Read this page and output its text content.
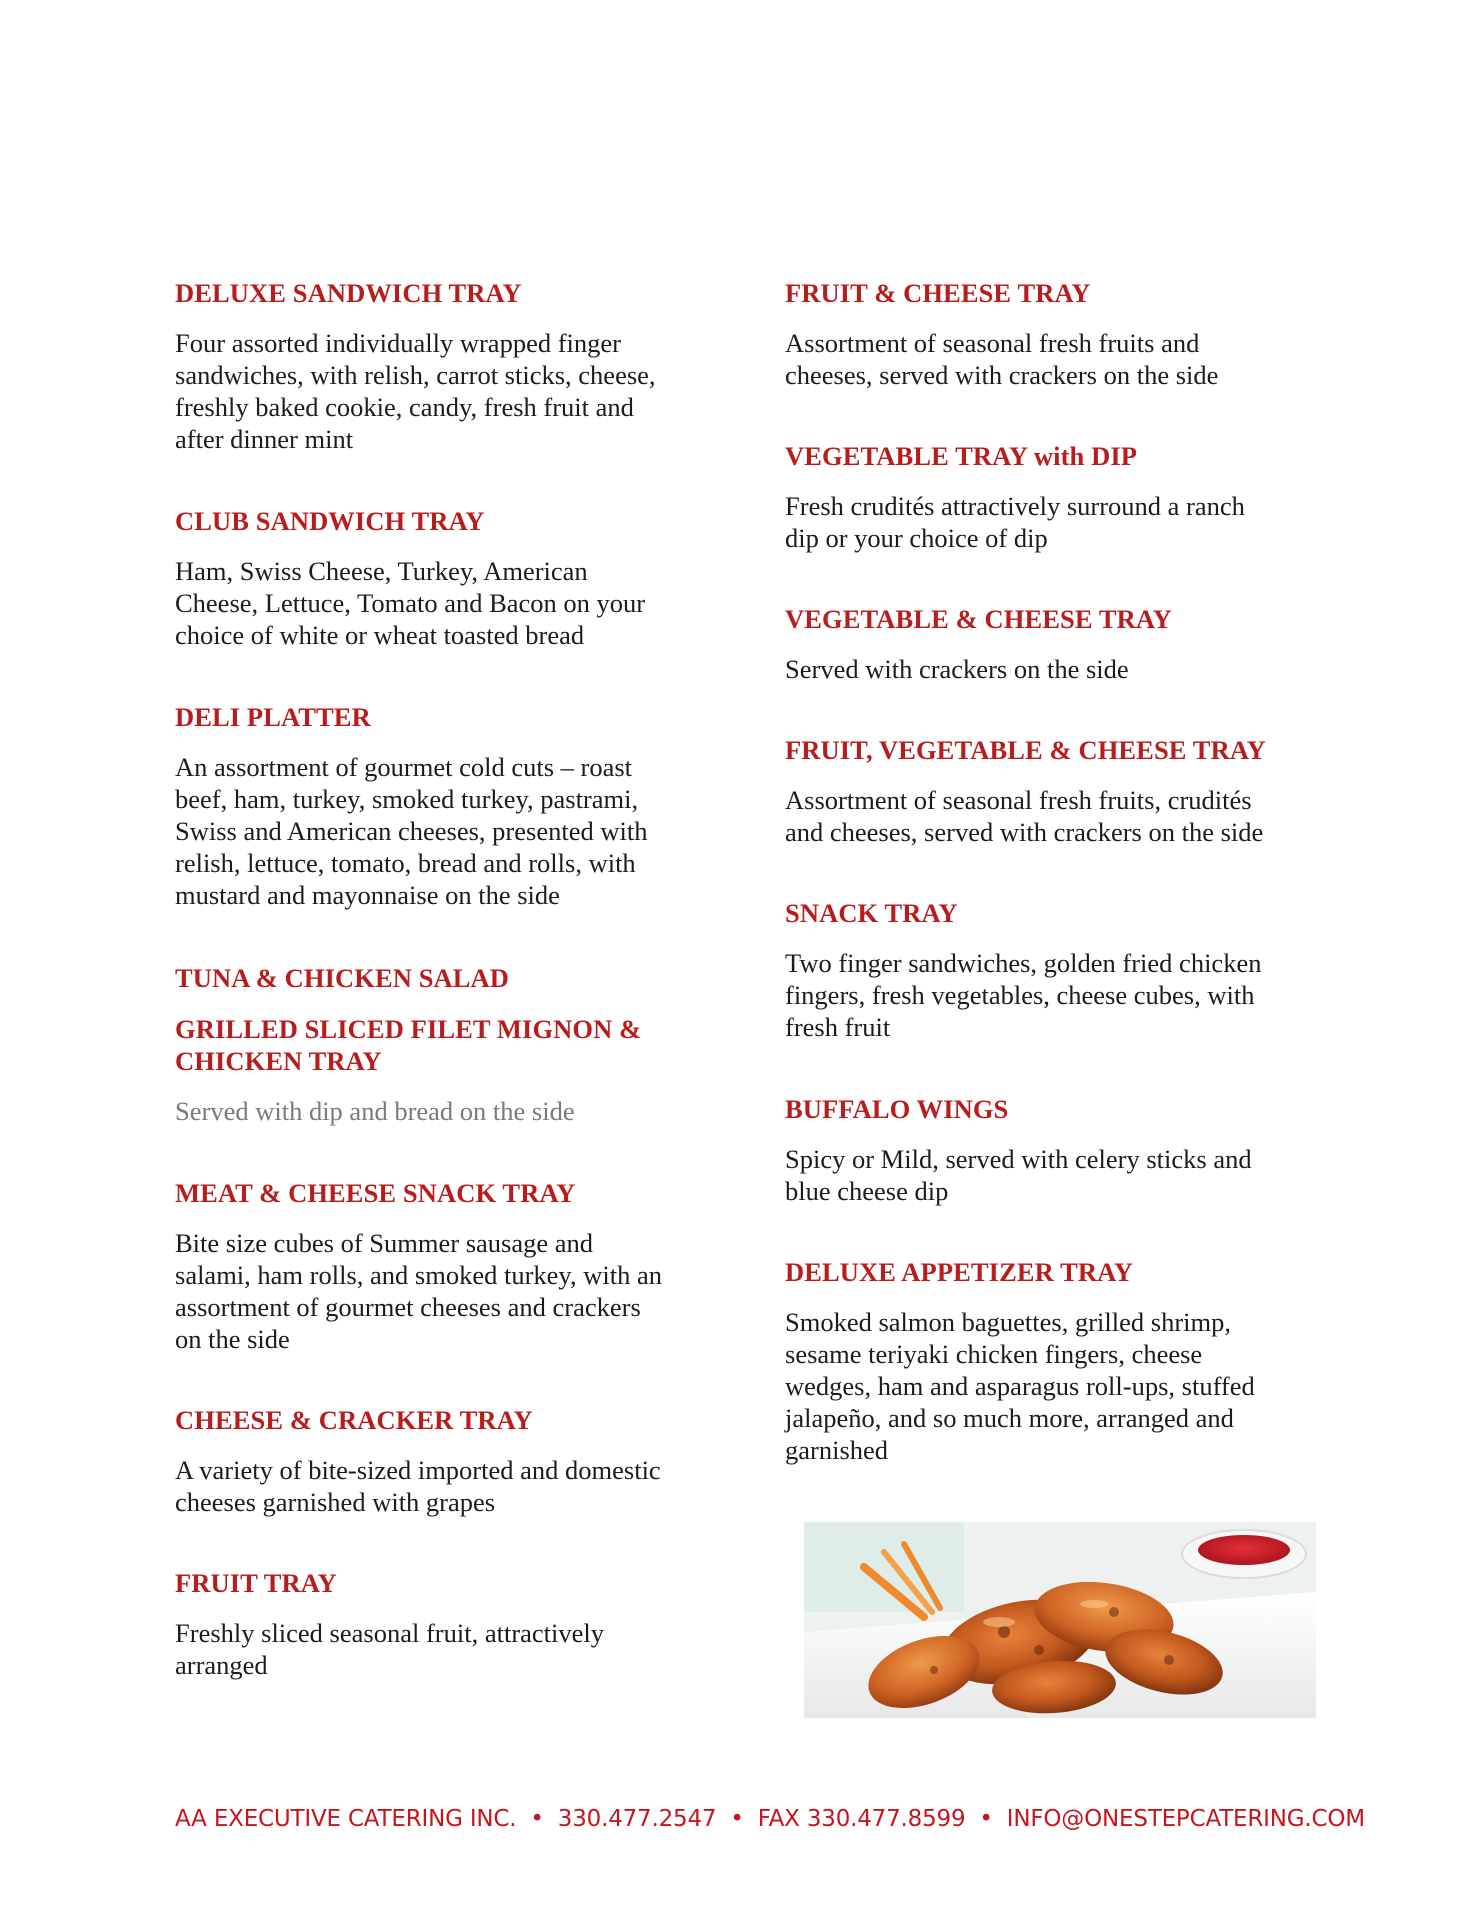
DELUXE SANDWICH TRAY

Four assorted individually wrapped finger
sandwiches, with relish, carrot sticks, cheese,
freshly baked cookie, candy, fresh fruit and
after dinner mint

CLUB SANDWICH TRAY

Ham, Swiss Cheese, Turkey, American
Cheese, Lettuce, Tomato and Bacon on your
choice of white or wheat toasted bread

DELI PLATTER

An assortment of gourmet cold cuts – roast
beef, ham, turkey, smoked turkey, pastrami,
Swiss and American cheeses, presented with
relish, lettuce, tomato, bread and rolls, with
mustard and mayonnaise on the side

TUNA & CHICKEN SALAD
GRILLED SLICED FILET MIGNON &
CHICKEN TRAY

Served with dip and bread on the side

MEAT & CHEESE SNACK TRAY

Bite size cubes of Summer sausage and
salami, ham rolls, and smoked turkey, with an
assortment of gourmet cheeses and crackers
on the side

CHEESE & CRACKER TRAY

A variety of bite-sized imported and domestic
cheeses garnished with grapes

FRUIT TRAY

Freshly sliced seasonal fruit, attractively
arranged

FRUIT & CHEESE TRAY

Assortment of seasonal fresh fruits and
cheeses, served with crackers on the side

VEGETABLE TRAY with DIP

Fresh crudités attractively surround a ranch
dip or your choice of dip

VEGETABLE & CHEESE TRAY

Served with crackers on the side

FRUIT, VEGETABLE & CHEESE TRAY

Assortment of seasonal fresh fruits, crudités
and cheeses, served with crackers on the side

SNACK TRAY

Two finger sandwiches, golden fried chicken
fingers, fresh vegetables, cheese cubes, with
fresh fruit

BUFFALO WINGS

Spicy or Mild, served with celery sticks and
blue cheese dip

DELUXE APPETIZER TRAY

Smoked salmon baguettes, grilled shrimp,
sesame teriyaki chicken fingers, cheese
wedges, ham and asparagus roll-ups, stuffed
jalapeño, and so much more, arranged and
garnished

AA EXECUTIVE CATERING INC. • 330.477.2547 • FAX 330.477.8599 • INFO@ONESTEPCATERING.COM
